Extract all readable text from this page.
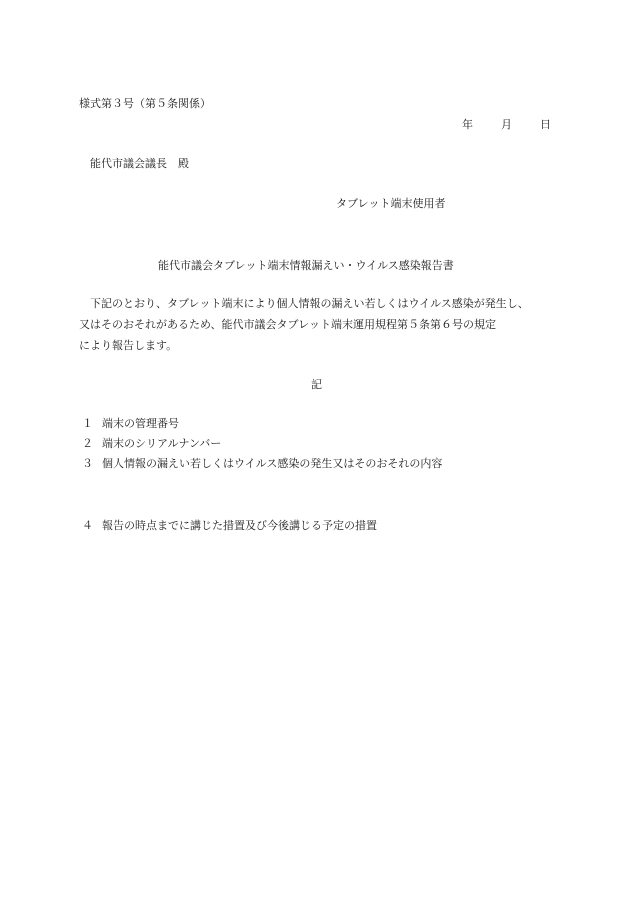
様式第３号（第５条関係）
年	月	日
能代市議会議長　殿
タブレット端末使用者
能代市議会タブレット端末情報漏えい・ウイルス感染報告書
下記のとおり、タブレット端末により個人情報の漏えい若しくはウイルス感染が発生し、
又はそのおそれがあるため、能代市議会タブレット端末運用規程第５条第６号の規定
により報告します。
記
１ 端末の管理番号
２ 端末のシリアルナンバー
３ 個人情報の漏えい若しくはウイルス感染の発生又はそのおそれの内容
４ 報告の時点までに講じた措置及び今後講じる予定の措置
